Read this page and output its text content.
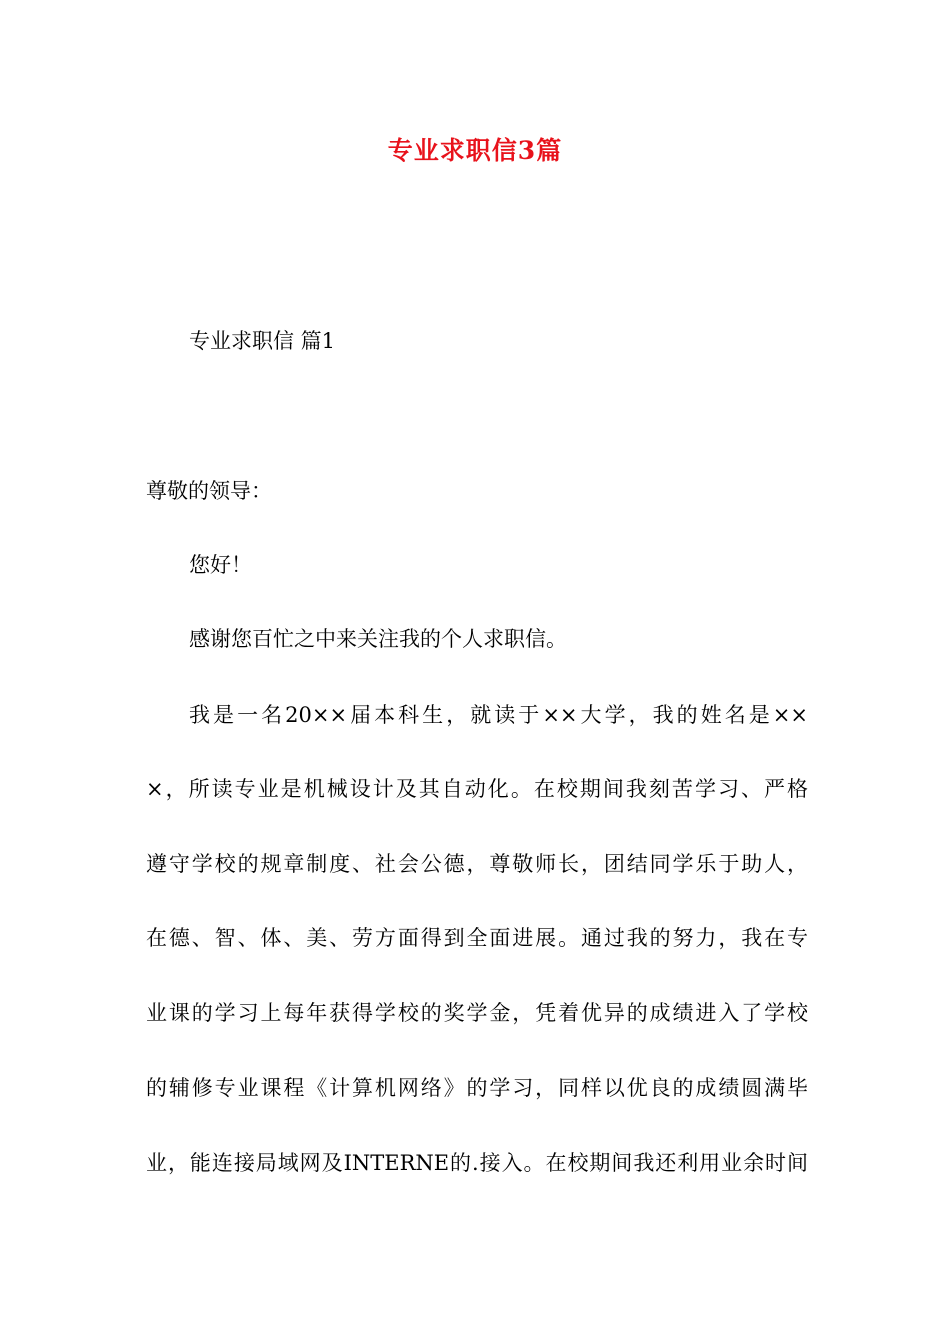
专业求职信3篇
专业求职信 篇1
尊敬的领导：
您好！
感谢您百忙之中来关注我的个人求职信。
我是一名20××届本科生，就读于××大学，我的姓名是××
×，所读专业是机械设计及其自动化。在校期间我刻苦学习、严格
遵守学校的规章制度、社会公德，尊敬师长，团结同学乐于助人，
在德、智、体、美、劳方面得到全面进展。通过我的努力，我在专
业课的学习上每年获得学校的奖学金，凭着优异的成绩进入了学校
的辅修专业课程《计算机网络》的学习，同样以优良的成绩圆满毕
业，能连接局域网及INTERNE的.接入。在校期间我还利用业余时间
